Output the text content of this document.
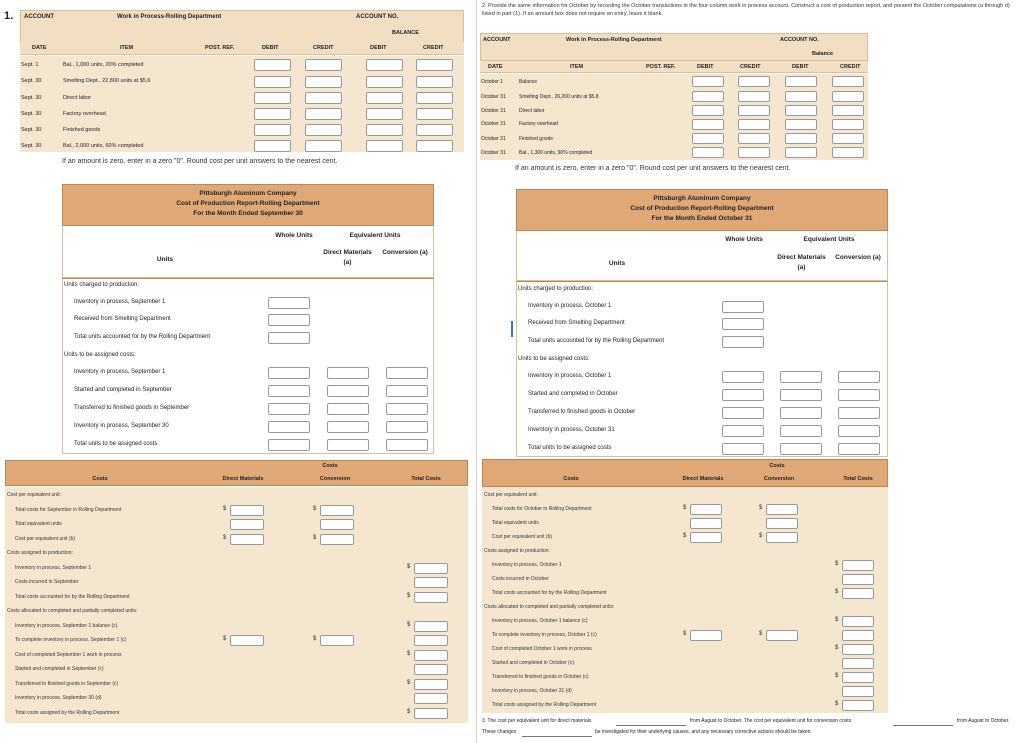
1. ACCOUNT	Work in Process-Rolling Department	ACCOUNT NO.
BALANCE
DATE	ITEM	POST. REF.	DEBIT	CREDIT	DEBIT	CREDIT
Sept. 1	Bal., 1,000 units, 20% completed
Sept. 30	Smelting Dept., 22,800 units at $5.6
Sept. 30	Direct labor
Sept. 30	Factory overhead
Sept. 30	Finished goods
Sept. 30	Bal., 2,000 units, 60% completed
If an amount is zero, enter in a zero "0". Round cost per unit answers to the nearest cent.
Pittsburgh Aluminum Company
Cost of Production Report-Rolling Department
For the Month Ended September 30
Whole Units	Equivalent Units
Units
Direct Materials (a)
Conversion (a)
Units charged to production:
Inventory in process, September 1
Received from Smelting Department
Total units accounted for by the Rolling Department
Units to be assigned costs:
Inventory in process, September 1
Started and completed in September
Transferred to finished goods in September
Inventory in process, September 30
Total units to be assigned costs
Costs
Costs	Direct Materials	Conversion	Total Costs
Cost per equivalent unit:
Total costs for September in Rolling Department	$	$
Total equivalent units
Cost per equivalent unit (b)	$	$
Costs assigned to production:
Inventory in process, September 1	$
Costs incurred in September
Total costs accounted for by the Rolling Department	$
Costs allocated to completed and partially completed units:
Inventory in process, September 1 balance (c)	$
To complete inventory in process, September 1 (c)	$	$
Cost of completed September 1 work in process	$
Started and completed in September (c)
Transferred to finished goods in September (c)	$
Inventory in process, September 30 (d)
Total costs assigned by the Rolling Department	$
2. Provide the same information for October by recording the October transactions in the four-column work in process account. Construct a cost of production report, and present the October computations (a through d) listed in part (1). If an amount box does not require an entry, leave it blank.
ACCOUNT	Work in Process-Rolling Department	ACCOUNT NO.
Balance
DATE	ITEM	POST. REF.	DEBIT	CREDIT	DEBIT	CREDIT
October 1	Balance
October 31	Smelting Dept., 26,200 units at $5.8
October 31	Direct labor
October 31	Factory overhead
October 31	Finished goods
October 31	Bal., 1,300 units, 90% completed
If an amount is zero, enter in a zero "0". Round cost per unit answers to the nearest cent.
Pittsburgh Aluminum Company
Cost of Production Report-Rolling Department
For the Month Ended October 31
Whole Units	Equivalent Units
Units
Direct Materials (a)
Conversion (a)
Units charged to production:
Inventory in process, October 1
Received from Smelting Department
Total units accounted for by the Rolling Department
Units to be assigned costs:
Inventory in process, October 1
Started and completed in October
Transferred to finished goods in October
Inventory in process, October 31
Total units to be assigned costs
Costs
Costs	Direct Materials	Conversion	Total Costs
Cost per equivalent unit:
Total costs for October in Rolling Department	$	$
Total equivalent units
Cost per equivalent unit (b)	$	$
Costs assigned to production:
Inventory in process, October 1	$
Costs incurred in October
Total costs accounted for by the Rolling Department	$
Costs allocated to completed and partially completed units:
Inventory in process, October 1 balance (c)	$
To complete inventory in process, October 1 (c)	$	$
Cost of completed October 1 work in process	$
Started and completed in October (c)
Transferred to finished goods in October (c)	$
Inventory in process, October 31 (d)
Total costs assigned by the Rolling Department	$
3. The cost per equivalent unit for direct materials	from August to October. The cost per equivalent unit for conversion costs	from August to October.
These changes	be investigated for their underlying causes, and any necessary corrective actions should be taken.
